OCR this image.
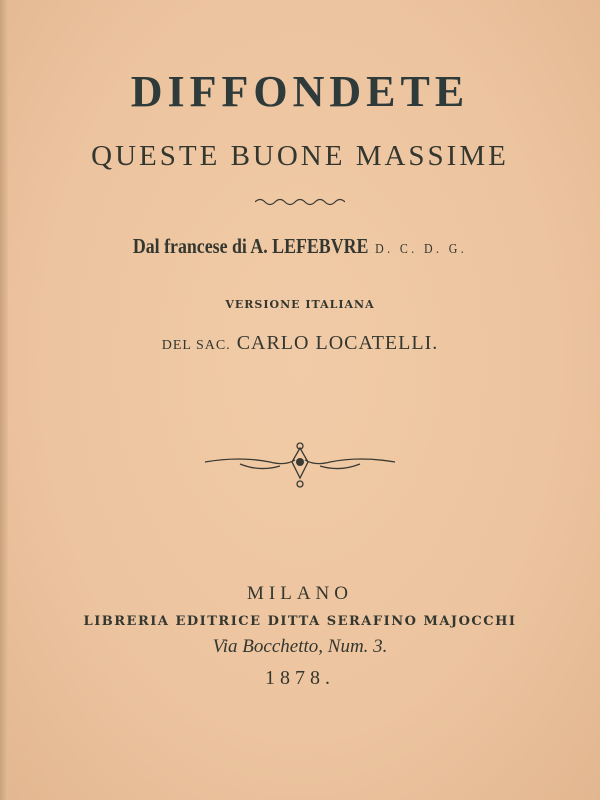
DIFFONDETE
QUESTE BUONE MASSIME
Dal francese di A. LEFEBVRE D. C. D. G.
VERSIONE ITALIANA
DEL SAC. CARLO LOCATELLI.
MILANO
LIBRERIA EDITRICE DITTA SERAFINO MAJOCCHI
Via Bocchetto, Num. 3.
1878.
